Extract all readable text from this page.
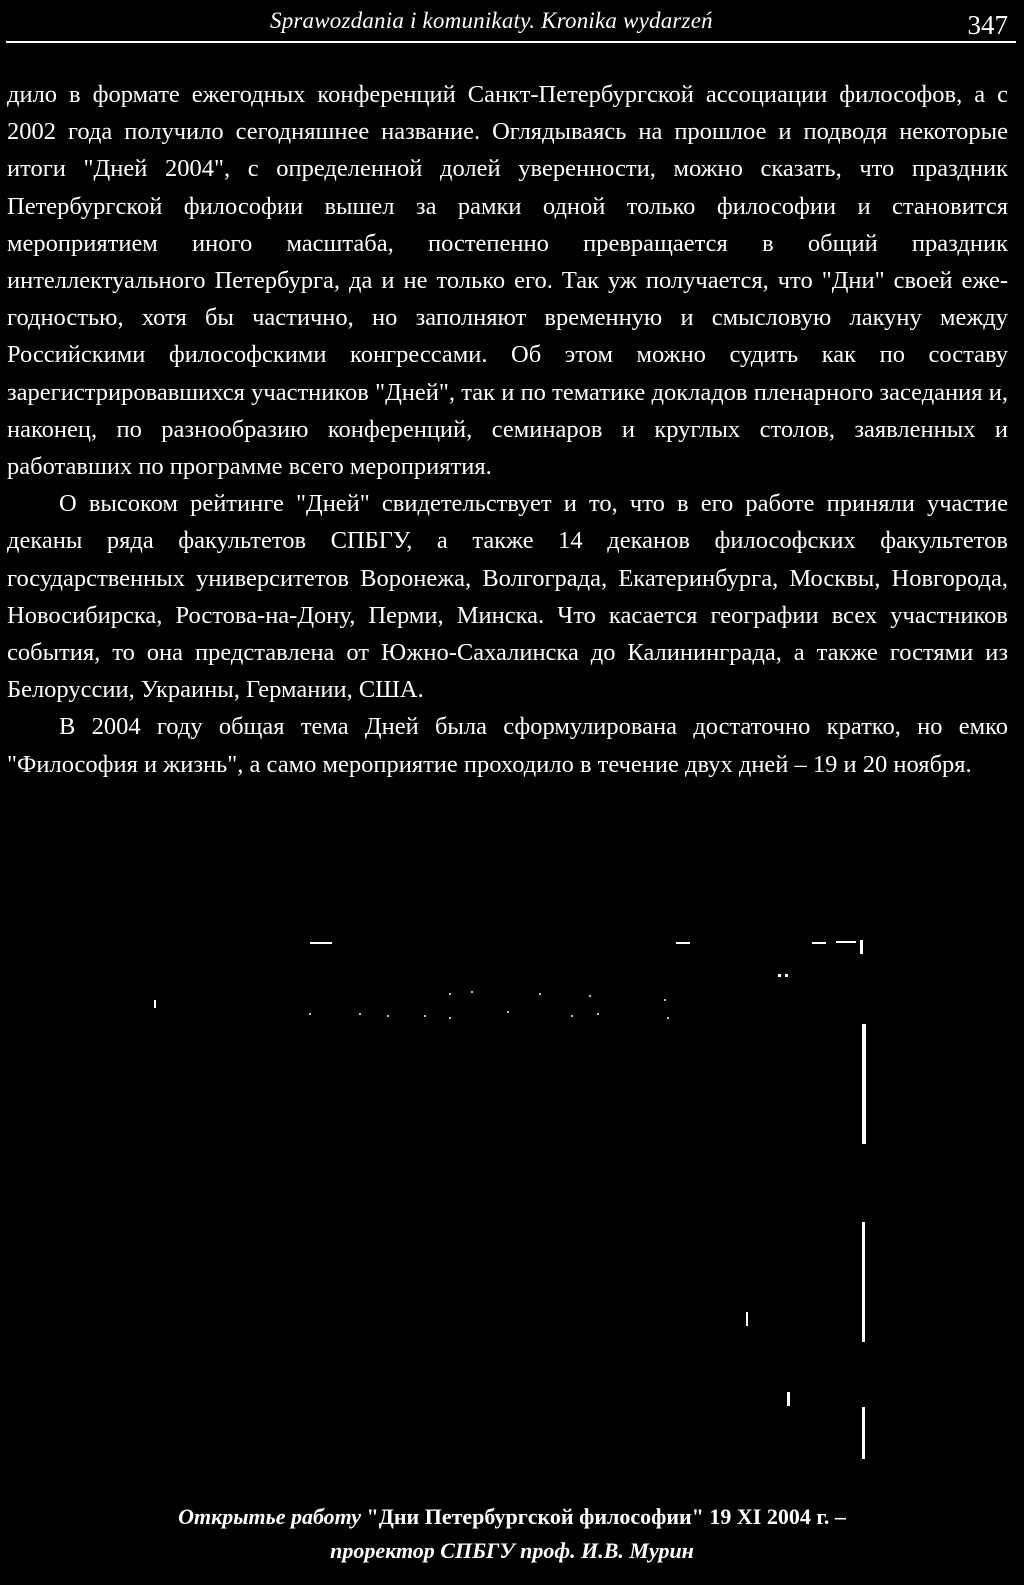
Sprawozdania i komunikaty. Kronika wydarzeń	347

дило в формате ежегодных конференций Санкт-Петербургской ассоциации философов, а с 2002 года получило сегодняшнее название. Оглядываясь на прошлое и подводя некоторые итоги "Дней 2004", с определенной долей уверенности, можно сказать, что праздник Петербургской философии вышел за рамки одной только философии и становится мероприятием иного масштаба, постепенно превращается в общий праздник интеллектуального Петербурга, да и не только его. Так уж получается, что "Дни" своей ежегодностью, хотя бы частично, но заполняют временную и смысловую лакуну между Российскими философскими конгрессами. Об этом можно судить как по составу зарегистрировавшихся участников "Дней", так и по тематике докладов пленарного заседания и, наконец, по разнообразию конференций, семинаров и круглых столов, заявленных и работавших по программе всего мероприятия.

О высоком рейтинге "Дней" свидетельствует и то, что в его работе приняли участие деканы ряда факультетов СПБГУ, а также 14 деканов философских факультетов государственных университетов Воронежа, Волгограда, Екатеринбурга, Москвы, Новгорода, Новосибирска, Ростова-на-Дону, Перми, Минска. Что касается географии всех участников события, то она представлена от Южно-Сахалинска до Калининграда, а также гостями из Белоруссии, Украины, Германии, США.

В 2004 году общая тема Дней была сформулирована достаточно кратко, но емко "Философия и жизнь", а само мероприятие проходило в течение двух дней – 19 и 20 ноября.

Открытье работу "Дни Петербургской философии" 19 XI 2004 г. –
проректор СПБГУ проф. И.В. Мурин
